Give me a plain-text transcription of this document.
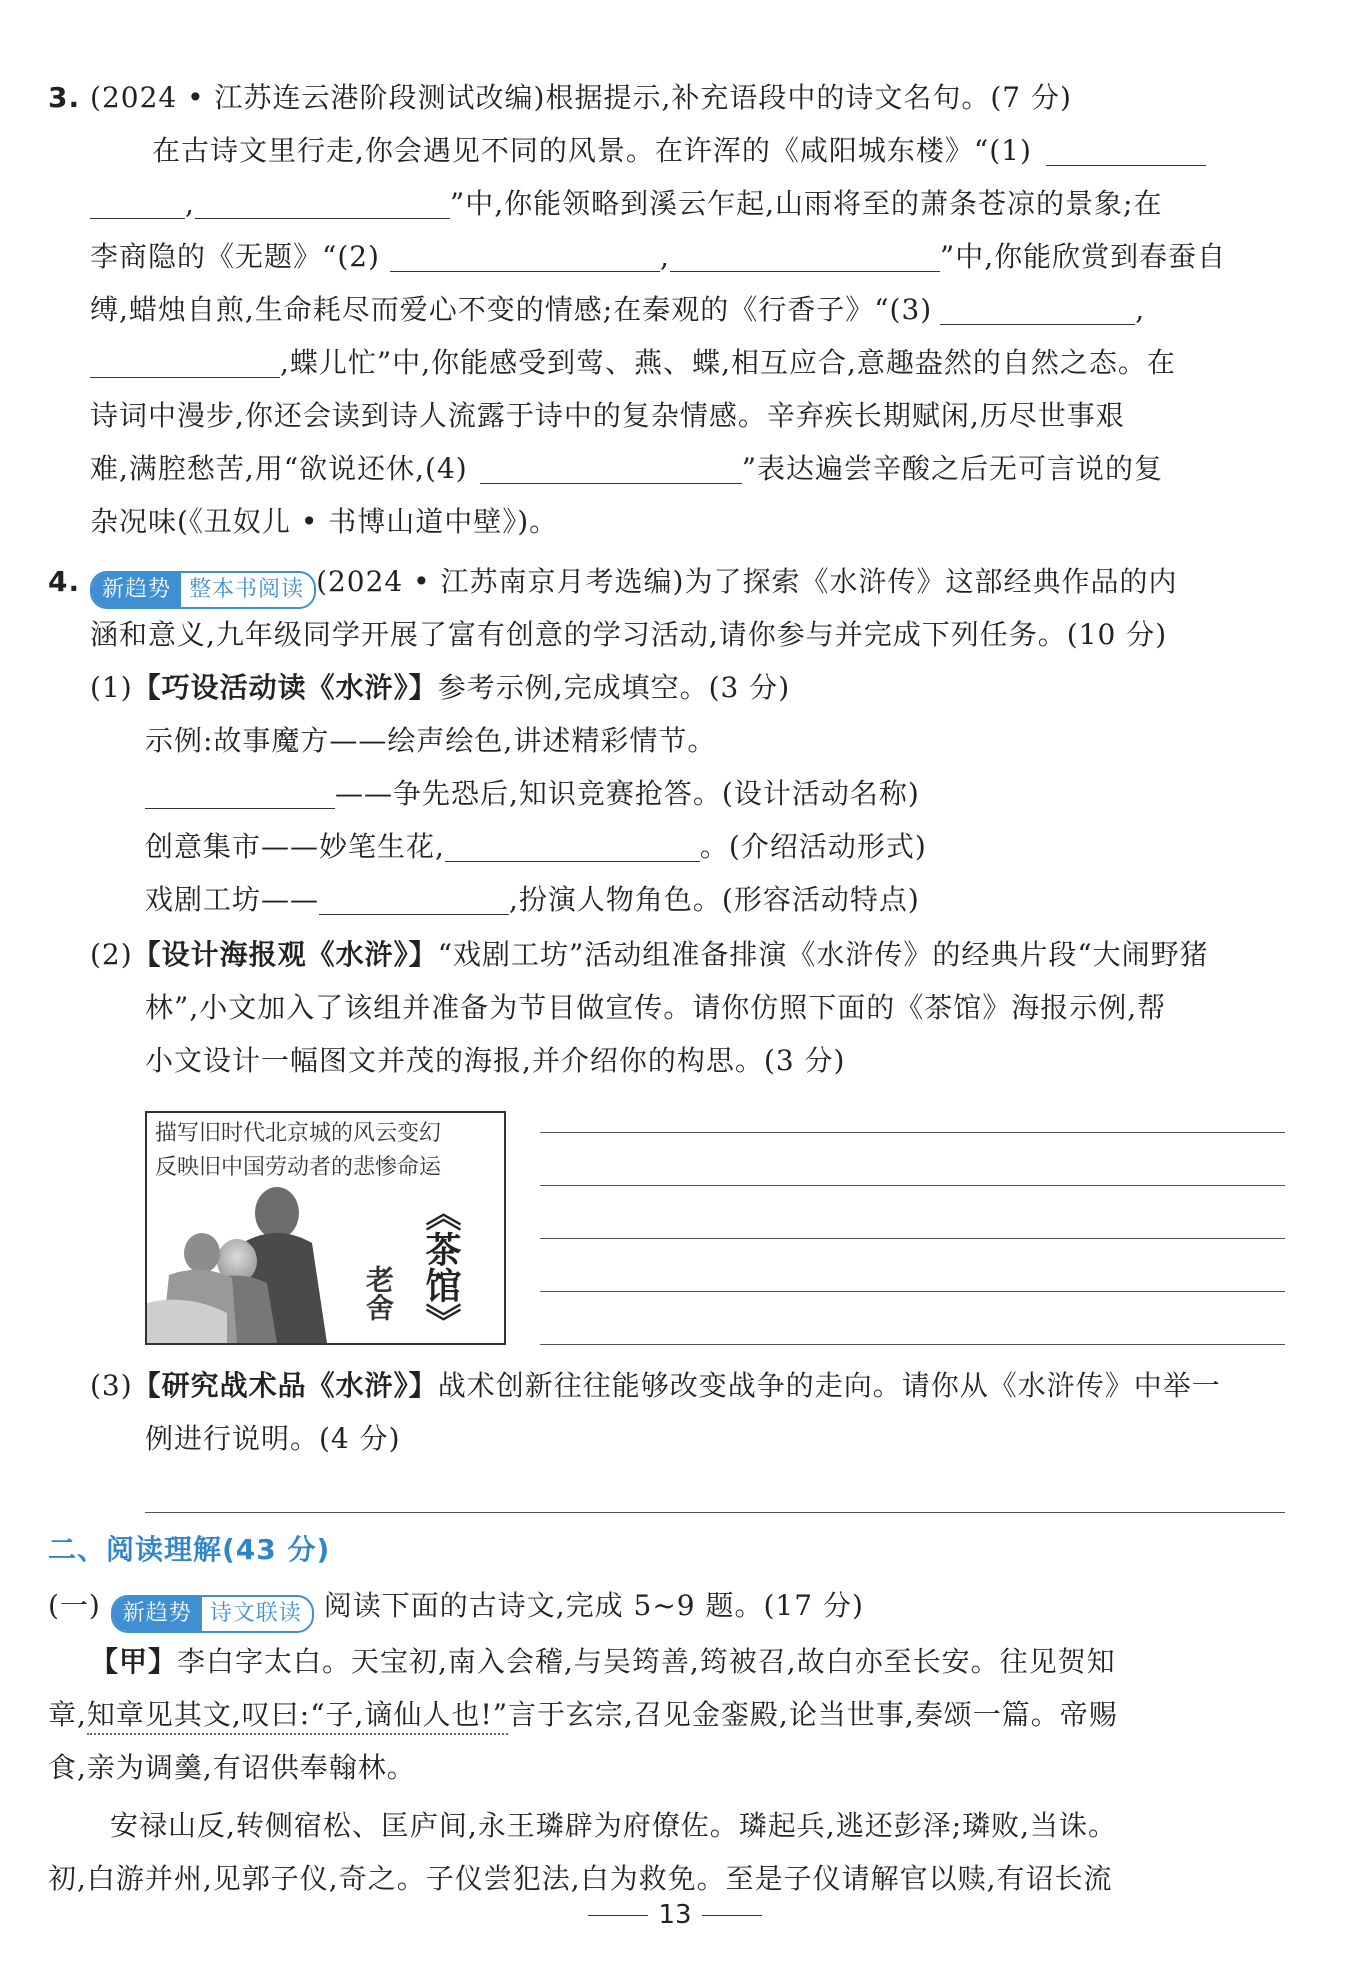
3. (2024 • 江苏连云港阶段测试改编)根据提示,补充语段中的诗文名句。(7 分)
在古诗文里行走,你会遇见不同的风景。在许浑的《咸阳城东楼》“(1)
,	”中,你能领略到溪云乍起,山雨将至的萧条苍凉的景象;在
李商隐的《无题》“(2)	,	”中,你能欣赏到春蚕自
缚,蜡烛自煎,生命耗尽而爱心不变的情感;在秦观的《行香子》“(3)	,
,蝶儿忙”中,你能感受到莺、燕、蝶,相互应合,意趣盎然的自然之态。在
诗词中漫步,你还会读到诗人流露于诗中的复杂情感。辛弃疾长期赋闲,历尽世事艰
难,满腔愁苦,用“欲说还休,(4)	”表达遍尝辛酸之后无可言说的复
杂况味(《丑奴儿 • 书博山道中壁》)。
4. 新趋势 整本书阅读 (2024 • 江苏南京月考选编)为了探索《水浒传》这部经典作品的内
涵和意义,九年级同学开展了富有创意的学习活动,请你参与并完成下列任务。(10 分)
(1)【巧设活动读《水浒》】参考示例,完成填空。(3 分)
示例:故事魔方——绘声绘色,讲述精彩情节。
——争先恐后,知识竞赛抢答。(设计活动名称)
创意集市——妙笔生花,	。(介绍活动形式)
戏剧工坊——	,扮演人物角色。(形容活动特点)
(2)【设计海报观《水浒》】“戏剧工坊”活动组准备排演《水浒传》的经典片段“大闹野猪
林”,小文加入了该组并准备为节目做宣传。请你仿照下面的《茶馆》海报示例,帮
小文设计一幅图文并茂的海报,并介绍你的构思。(3 分)
描写旧时代北京城的风云变幻
反映旧中国劳动者的悲惨命运
《茶馆》
老舍
(3)【研究战术品《水浒》】战术创新往往能够改变战争的走向。请你从《水浒传》中举一
例进行说明。(4 分)
二、阅读理解(43 分)
(一) 新趋势 诗文联读 阅读下面的古诗文,完成 5~9 题。(17 分)
【甲】李白字太白。天宝初,南入会稽,与吴筠善,筠被召,故白亦至长安。往见贺知
章,知章见其文,叹曰:“子,谪仙人也!”言于玄宗,召见金銮殿,论当世事,奏颂一篇。帝赐
食,亲为调羹,有诏供奉翰林。
安禄山反,转侧宿松、匡庐间,永王璘辟为府僚佐。璘起兵,逃还彭泽;璘败,当诛。
初,白游并州,见郭子仪,奇之。子仪尝犯法,白为救免。至是子仪请解官以赎,有诏长流
13
